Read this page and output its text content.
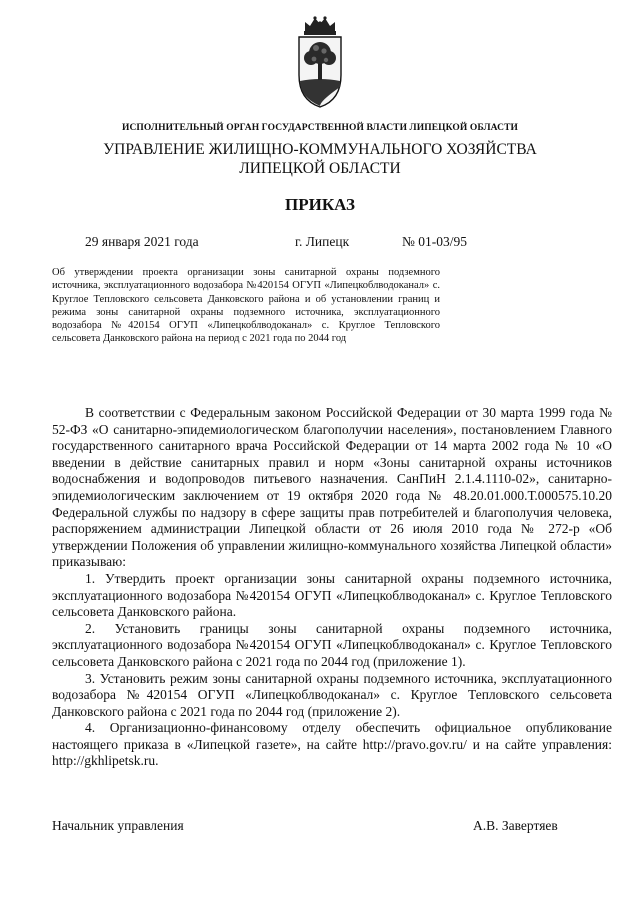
ИСПОЛНИТЕЛЬНЫЙ ОРГАН ГОСУДАРСТВЕННОЙ ВЛАСТИ ЛИПЕЦКОЙ ОБЛАСТИ
УПРАВЛЕНИЕ ЖИЛИЩНО-КОММУНАЛЬНОГО ХОЗЯЙСТВА
ЛИПЕЦКОЙ ОБЛАСТИ
ПРИКАЗ
29 января 2021 года	г. Липецк	№ 01-03/95
Об утверждении проекта организации зоны санитарной охраны подземного источника, эксплуатационного водозабора №420154 ОГУП «Липецкоблводоканал» с. Круглое Тепловского сельсовета Данковского района и об установлении границ и режима зоны санитарной охраны подземного источника, эксплуатационного водозабора №420154 ОГУП «Липецкоблводоканал» с. Круглое Тепловского сельсовета Данковского района на период с 2021 года по 2044 год

В соответствии с Федеральным законом Российской Федерации от 30 марта 1999 года № 52-ФЗ «О санитарно-эпидемиологическом благополучии населения», постановлением Главного государственного санитарного врача Российской Федерации от 14 марта 2002 года № 10 «О введении в действие санитарных правил и норм «Зоны санитарной охраны источников водоснабжения и водопроводов питьевого назначения. СанПиН 2.1.4.1110-02», санитарно-эпидемиологическим заключением от 19 октября 2020 года № 48.20.01.000.Т.000575.10.20 Федеральной службы по надзору в сфере защиты прав потребителей и благополучия человека, распоряжением администрации Липецкой области от 26 июля 2010 года № 272-р «Об утверждении Положения об управлении жилищно-коммунального хозяйства Липецкой области» приказываю:

1. Утвердить проект организации зоны санитарной охраны подземного источника, эксплуатационного водозабора №420154 ОГУП «Липецкоблводоканал» с. Круглое Тепловского сельсовета Данковского района.

2. Установить границы зоны санитарной охраны подземного источника, эксплуатационного водозабора №420154 ОГУП «Липецкоблводоканал» с. Круглое Тепловского сельсовета Данковского района с 2021 года по 2044 год (приложение 1).

3. Установить режим зоны санитарной охраны подземного источника, эксплуатационного водозабора №420154 ОГУП «Липецкоблводоканал» с. Круглое Тепловского сельсовета Данковского района с 2021 года по 2044 год (приложение 2).

4. Организационно-финансовому отделу обеспечить официальное опубликование настоящего приказа в «Липецкой газете», на сайте http://pravo.gov.ru/ и на сайте управления: http://gkhlipetsk.ru.

Начальник управления	А.В. Завертяев
